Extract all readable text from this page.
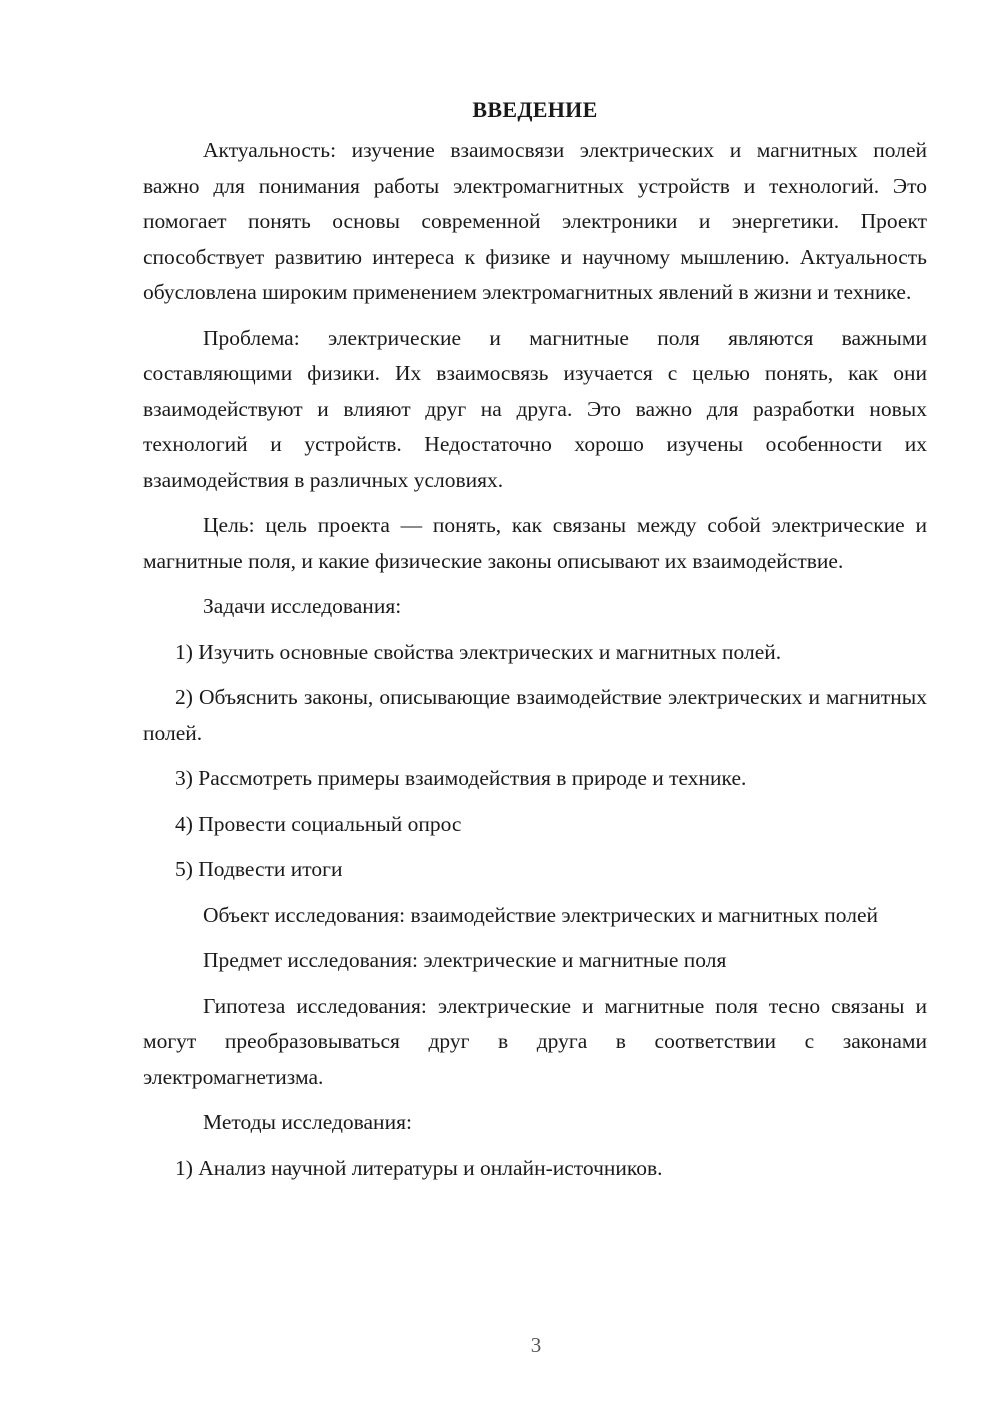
ВВЕДЕНИЕ

Актуальность: изучение взаимосвязи электрических и магнитных полей важно для понимания работы электромагнитных устройств и технологий. Это помогает понять основы современной электроники и энергетики. Проект способствует развитию интереса к физике и научному мышлению. Актуальность обусловлена широким применением электромагнитных явлений в жизни и технике.

Проблема: электрические и магнитные поля являются важными составляющими физики. Их взаимосвязь изучается с целью понять, как они взаимодействуют и влияют друг на друга. Это важно для разработки новых технологий и устройств. Недостаточно хорошо изучены особенности их взаимодействия в различных условиях.

Цель: цель проекта — понять, как связаны между собой электрические и магнитные поля, и какие физические законы описывают их взаимодействие.

Задачи исследования:

1) Изучить основные свойства электрических и магнитных полей.

2) Объяснить законы, описывающие взаимодействие электрических и магнитных полей.

3) Рассмотреть примеры взаимодействия в природе и технике.

4) Провести социальный опрос

5) Подвести итоги

Объект исследования: взаимодействие электрических и магнитных полей

Предмет исследования: электрические и магнитные поля

Гипотеза исследования: электрические и магнитные поля тесно связаны и могут преобразовываться друг в друга в соответствии с законами электромагнетизма.

Методы исследования:

1) Анализ научной литературы и онлайн-источников.

3
